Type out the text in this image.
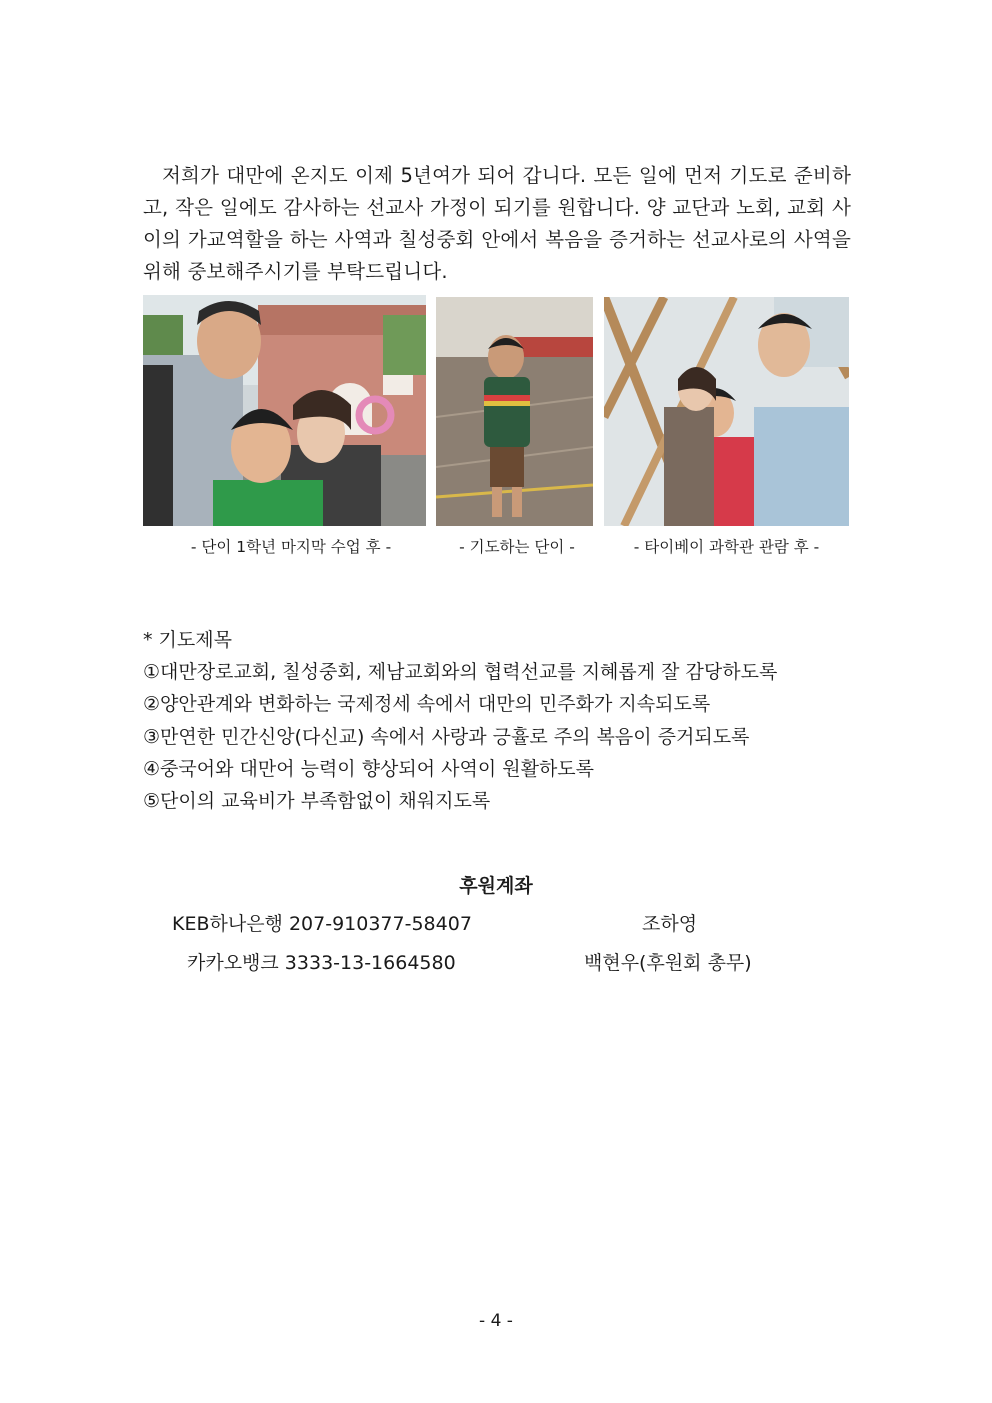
저희가 대만에 온지도 이제 5년여가 되어 갑니다. 모든 일에 먼저 기도로 준비하고, 작은 일에도 감사하는 선교사 가정이 되기를 원합니다. 양 교단과 노회, 교회 사이의 가교역할을 하는 사역과 칠성중회 안에서 복음을 증거하는 선교사로의 사역을 위해 중보해주시기를 부탁드립니다.

- 단이 1학년 마지막 수업 후 -	- 기도하는 단이 -	- 타이베이 과학관 관람 후 -
* 기도제목
①대만장로교회, 칠성중회, 제남교회와의 협력선교를 지혜롭게 잘 감당하도록
②양안관계와 변화하는 국제정세 속에서 대만의 민주화가 지속되도록
③만연한 민간신앙(다신교) 속에서 사랑과 긍휼로 주의 복음이 증거되도록
④중국어와 대만어 능력이 향상되어 사역이 원활하도록
⑤단이의 교육비가 부족함없이 채워지도록
후원계좌
KEB하나은행 207-910377-58407	조하영
카카오뱅크 3333-13-1664580	백현우(후원회 총무)
- 4 -
